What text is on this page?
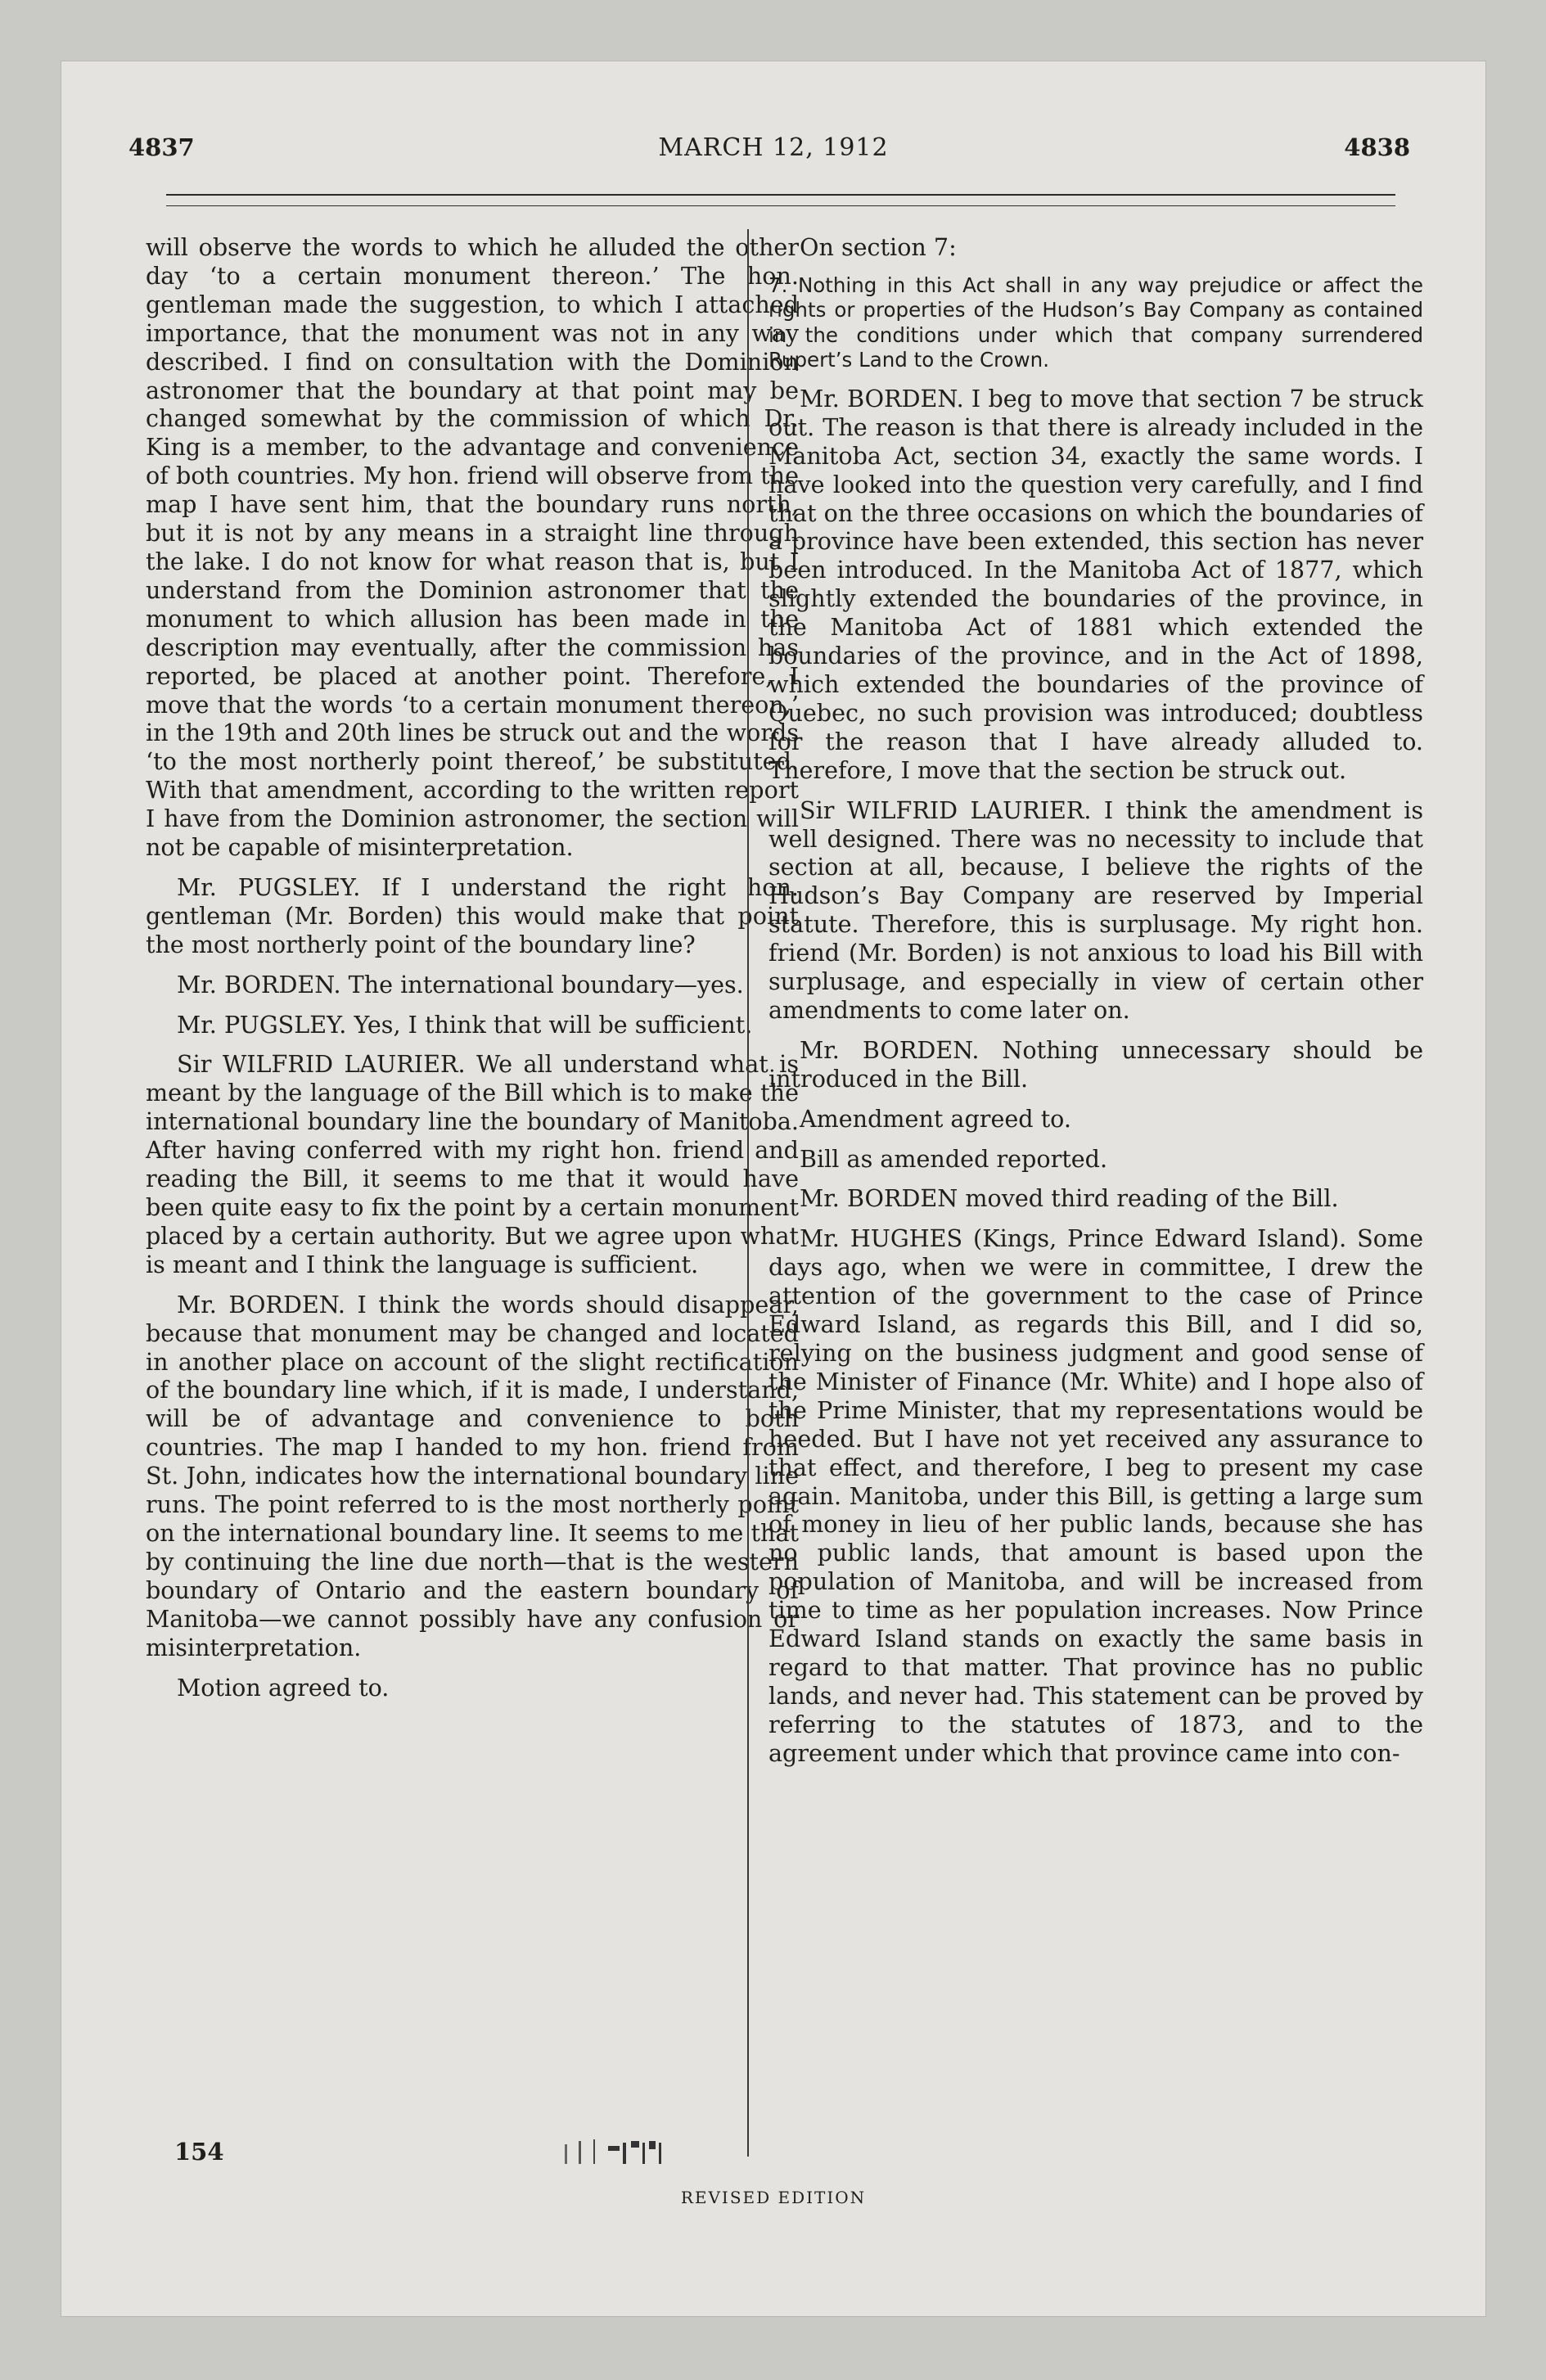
4837	MARCH 12, 1912	4838

will observe the words to which he alluded the other day ‘to a certain monument thereon.’ The hon. gentleman made the suggestion, to which I attached importance, that the monument was not in any way described. I find on consultation with the Dominion astronomer that the boundary at that point may be changed somewhat by the commission of which Dr. King is a member, to the advantage and convenience of both countries. My hon. friend will observe from the map I have sent him, that the boundary runs north, but it is not by any means in a straight line through the lake. I do not know for what reason that is, but I understand from the Dominion astronomer that the monument to which allusion has been made in the description may eventually, after the commission has reported, be placed at another point. Therefore, I move that the words ‘to a certain monument thereon,’ in the 19th and 20th lines be struck out and the words ‘to the most northerly point thereof,’ be substituted. With that amendment, according to the written report I have from the Dominion astronomer, the section will not be capable of misinterpretation.

Mr. PUGSLEY. If I understand the right hon. gentleman (Mr. Borden) this would make that point the most northerly point of the boundary line?

Mr. BORDEN. The international boundary—yes.

Mr. PUGSLEY. Yes, I think that will be sufficient.

Sir WILFRID LAURIER. We all understand what is meant by the language of the Bill which is to make the international boundary line the boundary of Manitoba. After having conferred with my right hon. friend and reading the Bill, it seems to me that it would have been quite easy to fix the point by a certain monument placed by a certain authority. But we agree upon what is meant and I think the language is sufficient.

Mr. BORDEN. I think the words should disappear, because that monument may be changed and located in another place on account of the slight rectification of the boundary line which, if it is made, I understand, will be of advantage and convenience to both countries. The map I handed to my hon. friend from St. John, indicates how the international boundary line runs. The point referred to is the most northerly point on the international boundary line. It seems to me that by continuing the line due north—that is the western boundary of Ontario and the eastern boundary of Manitoba—we cannot possibly have any confusion or misinterpretation.

Motion agreed to.

On section 7:

7. Nothing in this Act shall in any way prejudice or affect the rights or properties of the Hudson’s Bay Company as contained in the conditions under which that company surrendered Rupert’s Land to the Crown.

Mr. BORDEN. I beg to move that section 7 be struck out. The reason is that there is already included in the Manitoba Act, section 34, exactly the same words. I have looked into the question very carefully, and I find that on the three occasions on which the boundaries of a province have been extended, this section has never been introduced. In the Manitoba Act of 1877, which slightly extended the boundaries of the province, in the Manitoba Act of 1881 which extended the boundaries of the province, and in the Act of 1898, which extended the boundaries of the province of Quebec, no such provision was introduced; doubtless for the reason that I have already alluded to. Therefore, I move that the section be struck out.

Sir WILFRID LAURIER. I think the amendment is well designed. There was no necessity to include that section at all, because, I believe the rights of the Hudson’s Bay Company are reserved by Imperial statute. Therefore, this is surplusage. My right hon. friend (Mr. Borden) is not anxious to load his Bill with surplusage, and especially in view of certain other amendments to come later on.

Mr. BORDEN. Nothing unnecessary should be introduced in the Bill.

Amendment agreed to.

Bill as amended reported.

Mr. BORDEN moved third reading of the Bill.

Mr. HUGHES (Kings, Prince Edward Island). Some days ago, when we were in committee, I drew the attention of the government to the case of Prince Edward Island, as regards this Bill, and I did so, relying on the business judgment and good sense of the Minister of Finance (Mr. White) and I hope also of the Prime Minister, that my representations would be heeded. But I have not yet received any assurance to that effect, and therefore, I beg to present my case again. Manitoba, under this Bill, is getting a large sum of money in lieu of her public lands, because she has no public lands, that amount is based upon the population of Manitoba, and will be increased from time to time as her population increases. Now Prince Edward Island stands on exactly the same basis in regard to that matter. That province has no public lands, and never had. This statement can be proved by referring to the statutes of 1873, and to the agreement under which that province came into con-

154
REVISED EDITION
